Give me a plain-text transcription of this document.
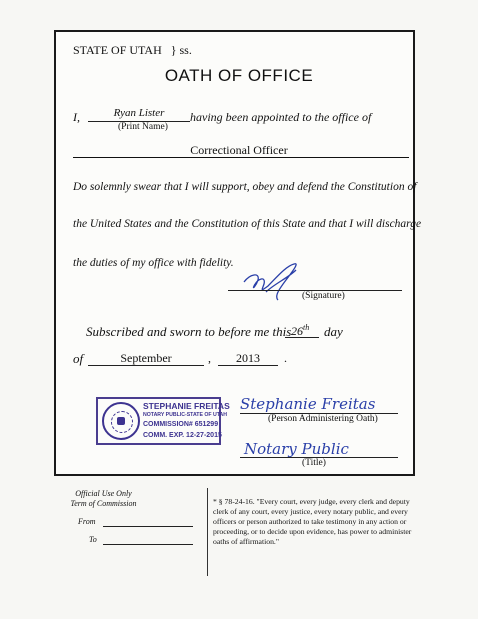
STATE OF UTAH } ss.
OATH OF OFFICE
I,	Ryan Lister
(Print Name)
having been appointed to the office of
Correctional Officer
Do solemnly swear that I will support, obey and defend the Constitution of
the United States and the Constitution of this State and that I will discharge
the duties of my office with fidelity.
(Signature)
Subscribed and sworn to before me this 26th day
of	September	,	2013	.
STEPHANIE FREITAS
NOTARY PUBLIC-STATE OF UTAH
COMMISSION# 651299
COMM. EXP. 12-27-2015
Stephanie Freitas
(Person Administering Oath)
Notary Public
(Title)
Official Use Only
Term of Commission
From
To
* § 78-24-16. "Every court, every judge, every clerk and deputy clerk of any court, every justice, every notary public, and every officers or person authorized to take testimony in any action or proceeding, or to decide upon evidence, has power to administer oaths of affirmation."
